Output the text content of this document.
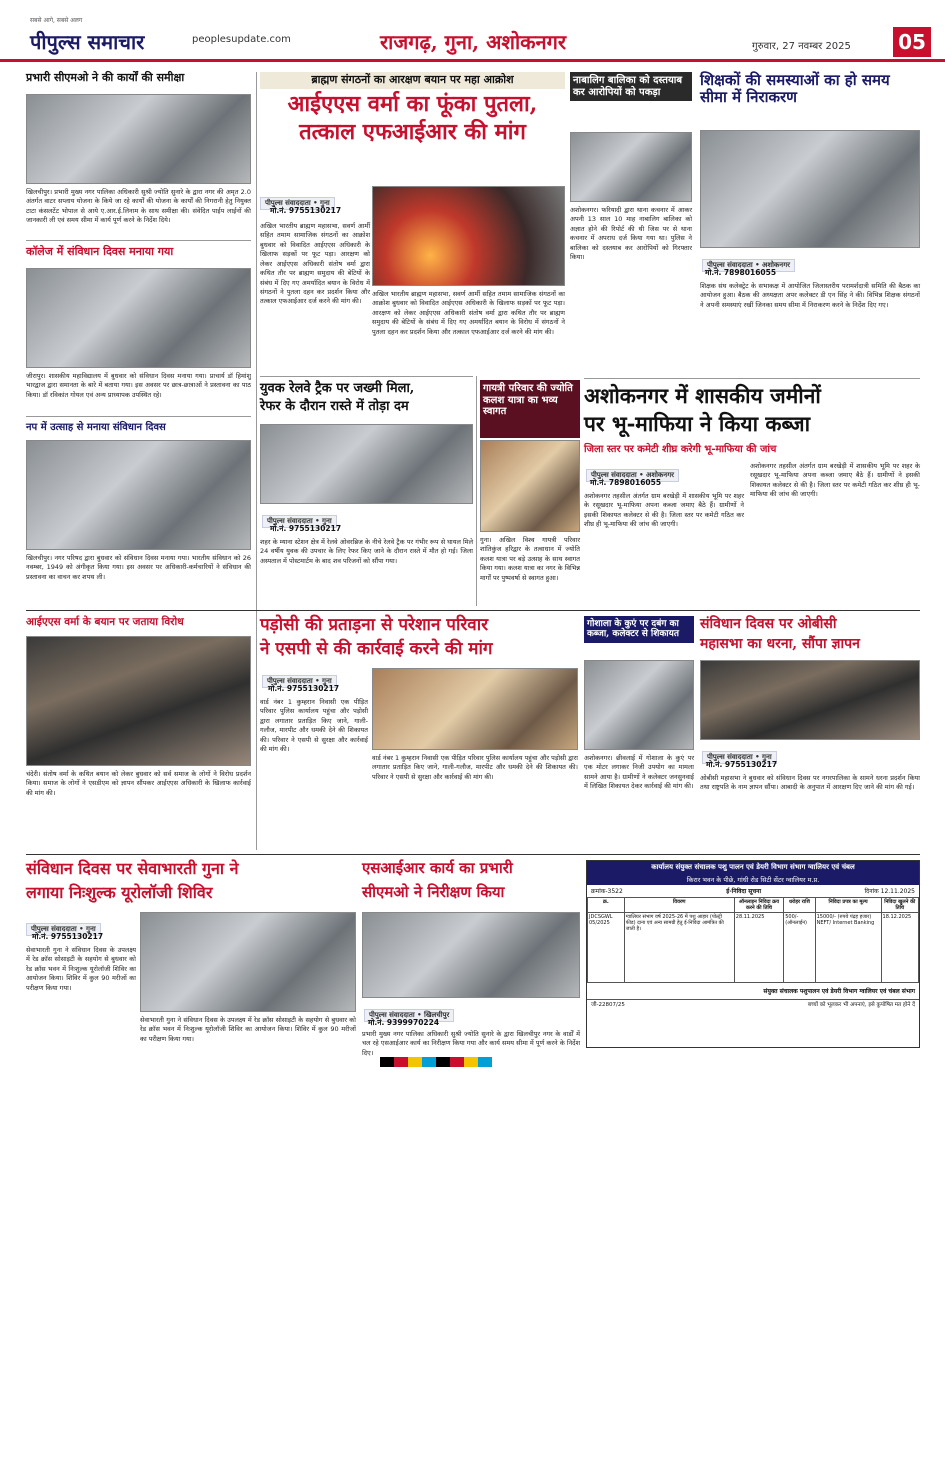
सबसे आगे, सबसे अलग
पीपुल्स समाचार	peoplesupdate.com	राजगढ़, गुना, अशोकनगर	गुरुवार, 27 नवम्बर 2025 05
प्रभारी सीएमओ ने की कार्यों की समीक्षा
खिलचीपुर। प्रभारी मुख्य नगर पालिका अधिकारी सुश्री ज्योति सुनारे के द्वारा नगर की अमृत 2.0 अंतर्गत वाटर सप्लाय योजना के किये जा रहे कार्यों की योजना के कार्यों की निगरानी हेतु नियुक्त टाटा कंसलटेंट भोपाल से आये ए.आर.ई.लिनाम के साथ समीक्षा की। संवेदित पाईप लाईनों की जानकारी ली एवं समय सीमा में कार्य पूर्ण करने के निर्देश दिये।
कॉलेज में संविधान दिवस मनाया गया
जीरापुर। शासकीय महाविद्यालय में बुधवार को संविधान दिवस मनाया गया। प्राचार्य डॉ हिमांशु भारद्वाज द्वारा समानता के बारे में बताया गया। इस अवसर पर छात्र-छात्राओं ने प्रस्तावना का पाठ किया। डॉ रविकांत गोयल एवं अन्य प्राध्यापक उपस्थित रहे।
नप में उत्साह से मनाया संविधान दिवस
खिलचीपुर। नगर परिषद द्वारा बुधवार को संविधान दिवस मनाया गया। भारतीय संविधान को 26 नवम्बर, 1949 को अंगीकृत किया गया। इस अवसर पर अधिकारी-कर्मचारियों ने संविधान की प्रस्तावना का वाचन कर शपथ ली।
ब्राह्मण संगठनों का आरक्षण बयान पर महा आक्रोश
आईएएस वर्मा का फूंका पुतला,
तत्काल एफआईआर की मांग
पीपुल्स संवाददाता • गुना
मो.नं. 9755130217
अखिल भारतीय ब्राह्मण महासभा, सवर्ण आर्मी सहित तमाम सामाजिक संगठनों का आक्रोश बुधवार को विवादित आईएएस अधिकारी के खिलाफ सड़कों पर फूट पड़ा। आरक्षण को लेकर आईएएस अधिकारी संतोष वर्मा द्वारा कथित तौर पर ब्राह्मण समुदाय की बेटियों के संबंध में दिए गए अमर्यादित बयान के विरोध में संगठनों ने पुतला दहन कर प्रदर्शन किया और तत्काल एफआईआर दर्ज करने की मांग की।
अखिल भारतीय ब्राह्मण महासभा, सवर्ण आर्मी सहित तमाम सामाजिक संगठनों का आक्रोश बुधवार को विवादित आईएएस अधिकारी के खिलाफ सड़कों पर फूट पड़ा। आरक्षण को लेकर आईएएस अधिकारी संतोष वर्मा द्वारा कथित तौर पर ब्राह्मण समुदाय की बेटियों के संबंध में दिए गए अमर्यादित बयान के विरोध में संगठनों ने पुतला दहन कर प्रदर्शन किया और तत्काल एफआईआर दर्ज करने की मांग की।
युवक रेलवे ट्रैक पर जख्मी मिला,
रेफर के दौरान रास्ते में तोड़ा दम
पीपुल्स संवाददाता • गुना
मो.नं. 9755130217
शहर के म्याना स्टेशन क्षेत्र में रेलवे ओवरब्रिज के नीचे रेलवे ट्रैक पर गंभीर रूप से घायल मिले 24 वर्षीय युवक की उपचार के लिए रेफर किए जाने के दौरान रास्ते में मौत हो गई। जिला अस्पताल में पोस्टमार्टम के बाद शव परिजनों को सौंपा गया।
गायत्री परिवार की ज्योति कलश यात्रा का भव्य स्वागत
गुना। अखिल विश्व गायत्री परिवार शांतिकुंज हरिद्वार के तत्वाधान में ज्योति कलश यात्रा पर बड़े उत्साह के साथ स्वागत किया गया। कलश यात्रा का नगर के विभिन्न मार्गों पर पुष्पवर्षा से स्वागत हुआ।
नाबालिग बालिका को दस्तयाब कर आरोपियों को पकड़ा
अशोकनगर। फरियादी द्वारा थाना कचनार में आकर अपनी 13 साल 10 माह नाबालिग बालिका को अज्ञात होने की रिपोर्ट की थी जिस पर से थाना कचनार में अपराध दर्ज किया गया था। पुलिस ने बालिका को दस्तयाब कर आरोपियों को गिरफ्तार किया।
शिक्षकों की समस्याओं का हो समय सीमा में निराकरण
पीपुल्स संवाददाता • अशोकनगर
मो.नं. 7898016055
शिक्षक संघ कलेक्ट्रेट के सभाकक्ष में आयोजित जिलास्तरीय परामर्शदात्री समिति की बैठक का आयोजन हुआ। बैठक की अध्यक्षता अपर कलेक्टर डी एन सिंह ने की। विभिन्न शिक्षक संगठनों ने अपनी समस्याएं रखीं जिनका समय सीमा में निराकरण करने के निर्देश दिए गए।
अशोकनगर में शासकीय जमीनों
पर भू-माफिया ने किया कब्जा
जिला स्तर पर कमेटी शीघ्र करेगी भू-माफिया की जांच
पीपुल्स संवाददाता • अशोकनगर
मो.नं. 7898016055
अशोकनगर तहसील अंतर्गत ग्राम बरखेड़ी में शासकीय भूमि पर शहर के रसूखदार भू-माफिया अपना कब्जा जमाए बैठे हैं। ग्रामीणों ने इसकी शिकायत कलेक्टर से की है। जिला स्तर पर कमेटी गठित कर शीघ्र ही भू-माफिया की जांच की जाएगी।
अशोकनगर तहसील अंतर्गत ग्राम बरखेड़ी में शासकीय भूमि पर शहर के रसूखदार भू-माफिया अपना कब्जा जमाए बैठे हैं। ग्रामीणों ने इसकी शिकायत कलेक्टर से की है। जिला स्तर पर कमेटी गठित कर शीघ्र ही भू-माफिया की जांच की जाएगी।
आईएएस वर्मा के बयान पर जताया विरोध
चंदेरी। संतोष वर्मा के कथित बयान को लेकर बुधवार को सर्व समाज के लोगों ने विरोध प्रदर्शन किया। समाज के लोगों ने एसडीएम को ज्ञापन सौंपकर आईएएस अधिकारी के खिलाफ कार्रवाई की मांग की।
पड़ोसी की प्रताड़ना से परेशान परिवार
ने एसपी से की कार्रवाई करने की मांग
पीपुल्स संवाददाता • गुना
मो.नं. 9755130217
वार्ड नंबर 1 कुम्हरान निवासी एक पीड़ित परिवार पुलिस कार्यालय पहुंचा और पड़ोसी द्वारा लगातार प्रताड़ित किए जाने, गाली-गलौज, मारपीट और धमकी देने की शिकायत की। परिवार ने एसपी से सुरक्षा और कार्रवाई की मांग की।
वार्ड नंबर 1 कुम्हरान निवासी एक पीड़ित परिवार पुलिस कार्यालय पहुंचा और पड़ोसी द्वारा लगातार प्रताड़ित किए जाने, गाली-गलौज, मारपीट और धमकी देने की शिकायत की। परिवार ने एसपी से सुरक्षा और कार्रवाई की मांग की।
गोशाला के कुएं पर दबंग का कब्जा, कलेक्टर से शिकायत
अशोकनगर। छीवलाई में गोशाला के कुएं पर एक मोटर लगाकर निजी उपयोग का मामला सामने आया है। ग्रामीणों ने कलेक्टर जनसुनवाई में लिखित शिकायत देकर कार्रवाई की मांग की।
संविधान दिवस पर ओबीसी
महासभा का धरना, सौंपा ज्ञापन
पीपुल्स संवाददाता • गुना
मो.नं. 9755130217
ओबीसी महासभा ने बुधवार को संविधान दिवस पर नगरपालिका के सामने धरना प्रदर्शन किया तथा राष्ट्रपति के नाम ज्ञापन सौंपा। आबादी के अनुपात में आरक्षण दिए जाने की मांग की गई।
संविधान दिवस पर सेवाभारती गुना ने
लगाया निःशुल्क यूरोलॉजी शिविर
पीपुल्स संवाददाता • गुना
मो.नं. 9755130217
सेवाभारती गुना ने संविधान दिवस के उपलक्ष्य में रेड क्रॉस सोसाइटी के सहयोग से बुधवार को रेड क्रॉस भवन में निःशुल्क यूरोलॉजी शिविर का आयोजन किया। शिविर में कुल 90 मरीजों का परीक्षण किया गया।
सेवाभारती गुना ने संविधान दिवस के उपलक्ष्य में रेड क्रॉस सोसाइटी के सहयोग से बुधवार को रेड क्रॉस भवन में निःशुल्क यूरोलॉजी शिविर का आयोजन किया। शिविर में कुल 90 मरीजों का परीक्षण किया गया।
एसआईआर कार्य का प्रभारी
सीएमओ ने निरीक्षण किया
पीपुल्स संवाददाता • खिलचीपुर
मो.नं. 9399970224
प्रभारी मुख्य नगर पालिका अधिकारी सुश्री ज्योति सुनारे के द्वारा खिलचीपुर नगर के वार्डों में चल रहे एसआईआर कार्य का निरीक्षण किया गया और कार्य समय सीमा में पूर्ण करने के निर्देश दिए।
कार्यालय संयुक्त संचालक पशु पालन एवं डेयरी विभाग संभाग ग्वालियर एवं चंबल
किरार भवन के पीछे, गांधी रोड सिटी सेंटर ग्वालियर म.प्र.
क्रमांक-3522	ई-निविदा सूचना	दिनांक 12.11.2025
क्र.	विवरण	ऑनलाइन निविदा क्रय करने की तिथि	धरोहर राशि	निविदा प्रपत्र का मूल्य	निविदा खुलने की तिथि
JDCSGWL 05/2025	ग्वालियर संभाग वर्ष 2025-26 में पशु आहार (पोल्ट्री फीड) दाना एवं अन्य सामग्री हेतु ई-निविदा आमंत्रित की जाती है।	28.11.2025	500/- (ऑनलाईन)	15000/- (रुपये पंद्रह हजार) NEFT/ Internet Banking	18.12.2025
संयुक्त संचालक पशुपालन एवं डेयरी विभाग ग्वालियर एवं चंबल संभाग
जी-22807/25	बच्चों को भूलकर भी अपनाएं, इसे कुपोषित मत होने दें
